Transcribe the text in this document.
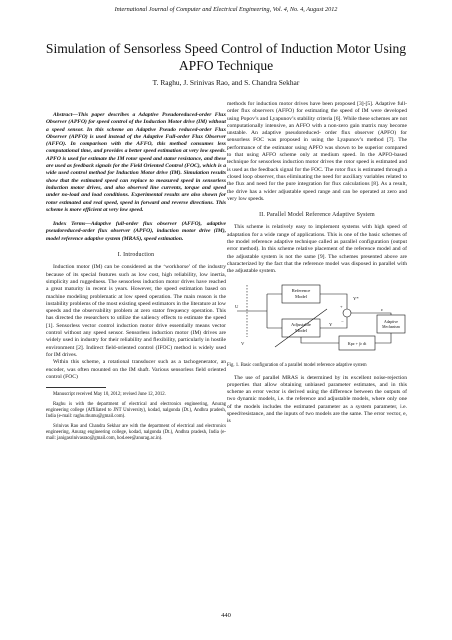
International Journal of Computer and Electrical Engineering, Vol. 4, No. 4, August 2012
Simulation of Sensorless Speed Control of Induction Motor Using APFO Technique
T. Raghu, J. Srinivas Rao, and S. Chandra Sekhar

Abstract—This paper describes a Adaptive Pseudoreduced-order Flux Observer (APFO) for speed control of the Induction Motor drive (IM) without a speed sensor. In this scheme an Adaptive Pseudo reduced-order Flux Observer (APFO) is used instead of the Adaptive Full-order Flux Observer (AFFO). In comparison with the AFFO, this method consumes less computational time, and provides a better speed estimation at very low speeds. APFO is used for estimate the IM rotor speed and stator resistance, and these are used as feedback signals for the Field Oriented Control (FOC), which is a wide used control method for Induction Motor drive (IM). Simulation results show that the estimated speed can replace to measured speed in sensorless induction motor drives, and also observed line currents, torque and speed under no-load and load conditions. Experimental results are also shown for rotor estimated and real speed, speed in forward and reverse directions. This scheme is more efficient at very low speed.

Index Terms—Adaptive full-order flux observer (AFFO), adaptive pseudoreduced-order flux observer (APFO), induction motor drive (IM), model reference adaptive system (MRAS), speed estimation.

I. Introduction

Induction motor (IM) can be considered as the ‘workhorse’ of the industry because of its special features such as low cost, high reliability, low inertia, simplicity and ruggedness. The sensorless induction motor drives have reached a great maturity in recent is years. However, the speed estimation based on machine modeling problematic at low speed operation. The main reason is the instability problems of the most existing speed estimators in the literature at low speeds and the observability problem at zero stator frequency operation. This has directed the researchers to utilize the saliency effects to estimate the speed [1]. Sensorless vector control induction motor drive essentially means vector control without any speed sensor. Sensorless induction motor (IM) drives are widely used in industry for their reliability and flexibility, particularly in hostile environment [2]. Indirect field-oriented control (IFOC) method is widely used for IM drives.

Within this scheme, a rotational transducer such as a tachogenerator, an encoder, was often mounted on the IM shaft. Various sensorless field oriented control (FOC)

Manuscript received May 10, 2012; revised June 12, 2012.

Raghu is with the department of electrical and electronics engineering, Anurag engineering college (Affiliated to JNT University), kodad, nalgonda (Dt.), Andhra pradesh, India (e-mail: raghu.thumu@gmail.com).

Srinivas Rao and Chandra Sekhar are with the department of electrical and electronics engineering, Anurag engineering college, kodad, nalgonda (Dt.), Andhra pradesh, India (e-mail: janigasrinivasrao@gmail.com, hod.eee@anurag.ac.in).

methods for induction motor drives have been proposed [3]-[5]. Adaptive full-order flux observers (AFFO) for estimating the speed of IM were developed using Popov’s and Lyapunov’s stability criteria [6]. While these schemes are not computationally intensive, an AFFO with a non-zero gain matrix may become unstable. An adaptive pseudoreduced- order flux observer (APFO) for sensorless FOC was proposed in using the Lyapunov’s method [7]. The performance of the estimator using APFO was shown to be superior compared to that using AFFO scheme only at medium speed. In the APFO-based technique for sensorless induction motor drives the rotor speed is estimated and is used as the feedback signal for the FOC. The rotor flux is estimated through a closed loop observer, thus eliminating the need for auxiliary variables related to the flux and need for the pure integration for flux calculations [8]. As a result, the drive has a wider adjustable speed range and can be operated at zero and very low speeds.

II. Parallel Model Reference Adaptive System

This scheme is relatively easy to implement systems with high speed of adaptation for a wide range of applications. This is one of the basic schemes of the model reference adaptive technique called as parallel configuration (output error method). In this scheme relative placement of the reference model and of the adjustable system is not the same [9]. The schemes presented above are characterized by the fact that the reference model was disposed in parallel with the adjustable system.

U
V
Reference
Model
Adjustable
Model
Y*
Y
+
−
ε
Kpε + ∫ε dt
Adaptive
Mechanism
Fig. 1. Basic configuration of a parallel model reference adaptive system

The use of parallel MRAS is determined by its excellent noise-rejection properties that allow obtaining unbiased parameter estimates, and in this scheme an error vector is derived using the difference between the outputs of two dynamic models, i.e. the reference and adjustable models, where only one of the models includes the estimated parameter as a system parameter, i.e. speed/resistance, and the inputs of two models are the same. The error vector, e, is

440
